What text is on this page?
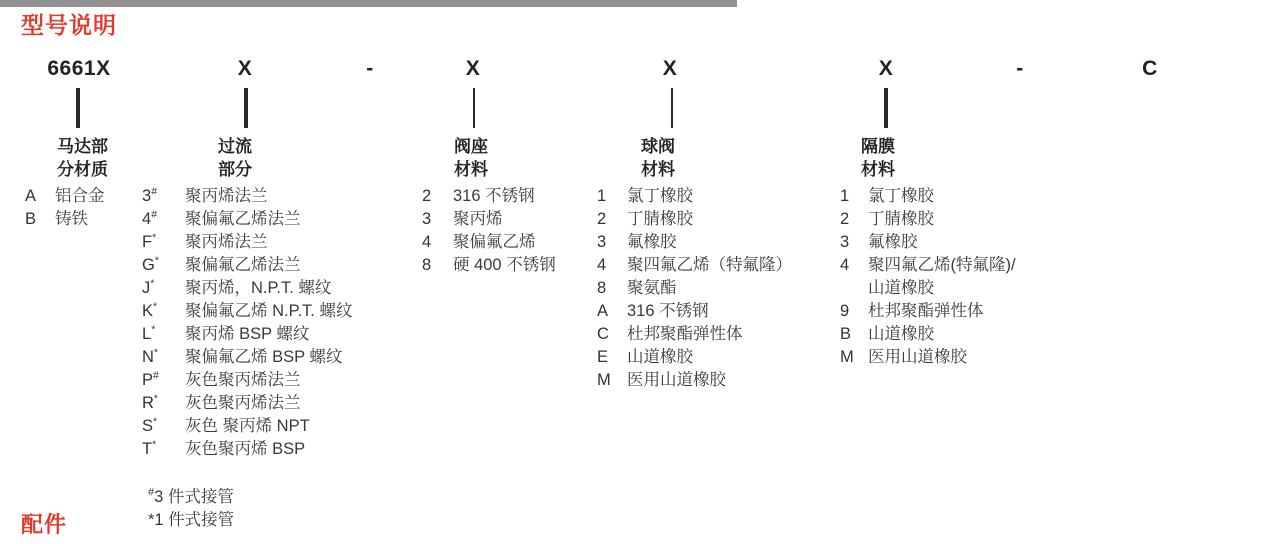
型号说明
6661X	X	-	X	X	X	-	C
马达部
分材质
过流
部分
阀座
材料
球阀
材料
隔膜
材料
A	铝合金
B	铸铁
3#	聚丙烯法兰
4#	聚偏氟乙烯法兰
F*	聚丙烯法兰
G*	聚偏氟乙烯法兰
J*	聚丙烯，N.P.T. 螺纹
K*	聚偏氟乙烯 N.P.T. 螺纹
L*	聚丙烯 BSP 螺纹
N*	聚偏氟乙烯 BSP 螺纹
P#	灰色聚丙烯法兰
R*	灰色聚丙烯法兰
S*	灰色 聚丙烯 NPT
T*	灰色聚丙烯 BSP
2	316 不锈钢
3	聚丙烯
4	聚偏氟乙烯
8	硬 400 不锈钢
1	氯丁橡胶
2	丁腈橡胶
3	氟橡胶
4	聚四氟乙烯（特氟隆）
8	聚氨酯
A	316 不锈钢
C	杜邦聚酯弹性体
E	山道橡胶
M 医用山道橡胶
1	氯丁橡胶
2	丁腈橡胶
3	氟橡胶
4	聚四氟乙烯(特氟隆)/
山道橡胶
9	杜邦聚酯弹性体
B	山道橡胶
M 医用山道橡胶
#3 件式接管
*1 件式接管
配件
